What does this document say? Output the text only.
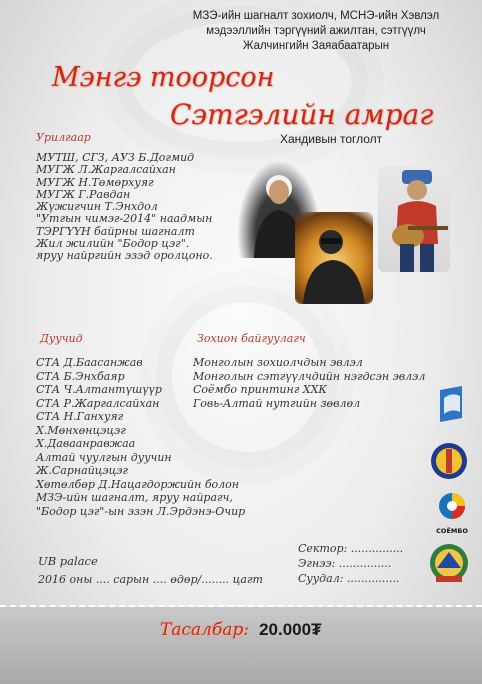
МЗЭ-ийн шагналт зохиолч, МСНЭ-ийн Хэвлэл
мэдээллийн тэргүүний ажилтан, сэтгүүлч
Жалчингийн Заяабаатарын
Мэнгэ тоорсон
Сэтгэлийн амраг
Хандивын тоглолт
Урилгаар
МУТШ, СГЗ, АУЗ Б.Догмид
МУГЖ Л.Жаргалсайхан
МУГЖ Н.Төмөрхуяг
МУГЖ Г.Равдан
Жүжигчин Т.Энхдол
"Утгын чимэг-2014" наадмын
ТЭРГҮҮН байрны шагналт
Жил жилийн "Бодор цэг".
яруу найргийн эзэд оролцоно.
Дуучид	Зохион байгуулагч
СТА Д.Баасанжав
СТА Б.Энхбаяр
СТА Ч.Алтантүшүүр
СТА Р.Жаргалсайхан
СТА Н.Ганхуяг
Х.Мөнхөнцэцэг
Х.Даваанравжаа
Алтай чуулгын дуучин
Ж.Сарнайцэцэг
Хөтөлбөр Д.Нацагдоржийн болон
МЗЭ-ийн шагналт, яруу найрагч,
"Бодор цэг"-ын эзэн Л.Эрдэнэ-Очир
Монголын зохиолчдын эвлэл
Монголын сэтгүүлчдийн нэгдсэн эвлэл
Соёмбо принтинг ХХК
Говь-Алтай нутгийн зөвлөл
СОЁМБО
UB palace
2016 оны .... сарын .... өдөр/........ цагт
Сектор: ...............
Эгнээ: ...............
Суудал: ...............
Тасалбар: 20.000₮
